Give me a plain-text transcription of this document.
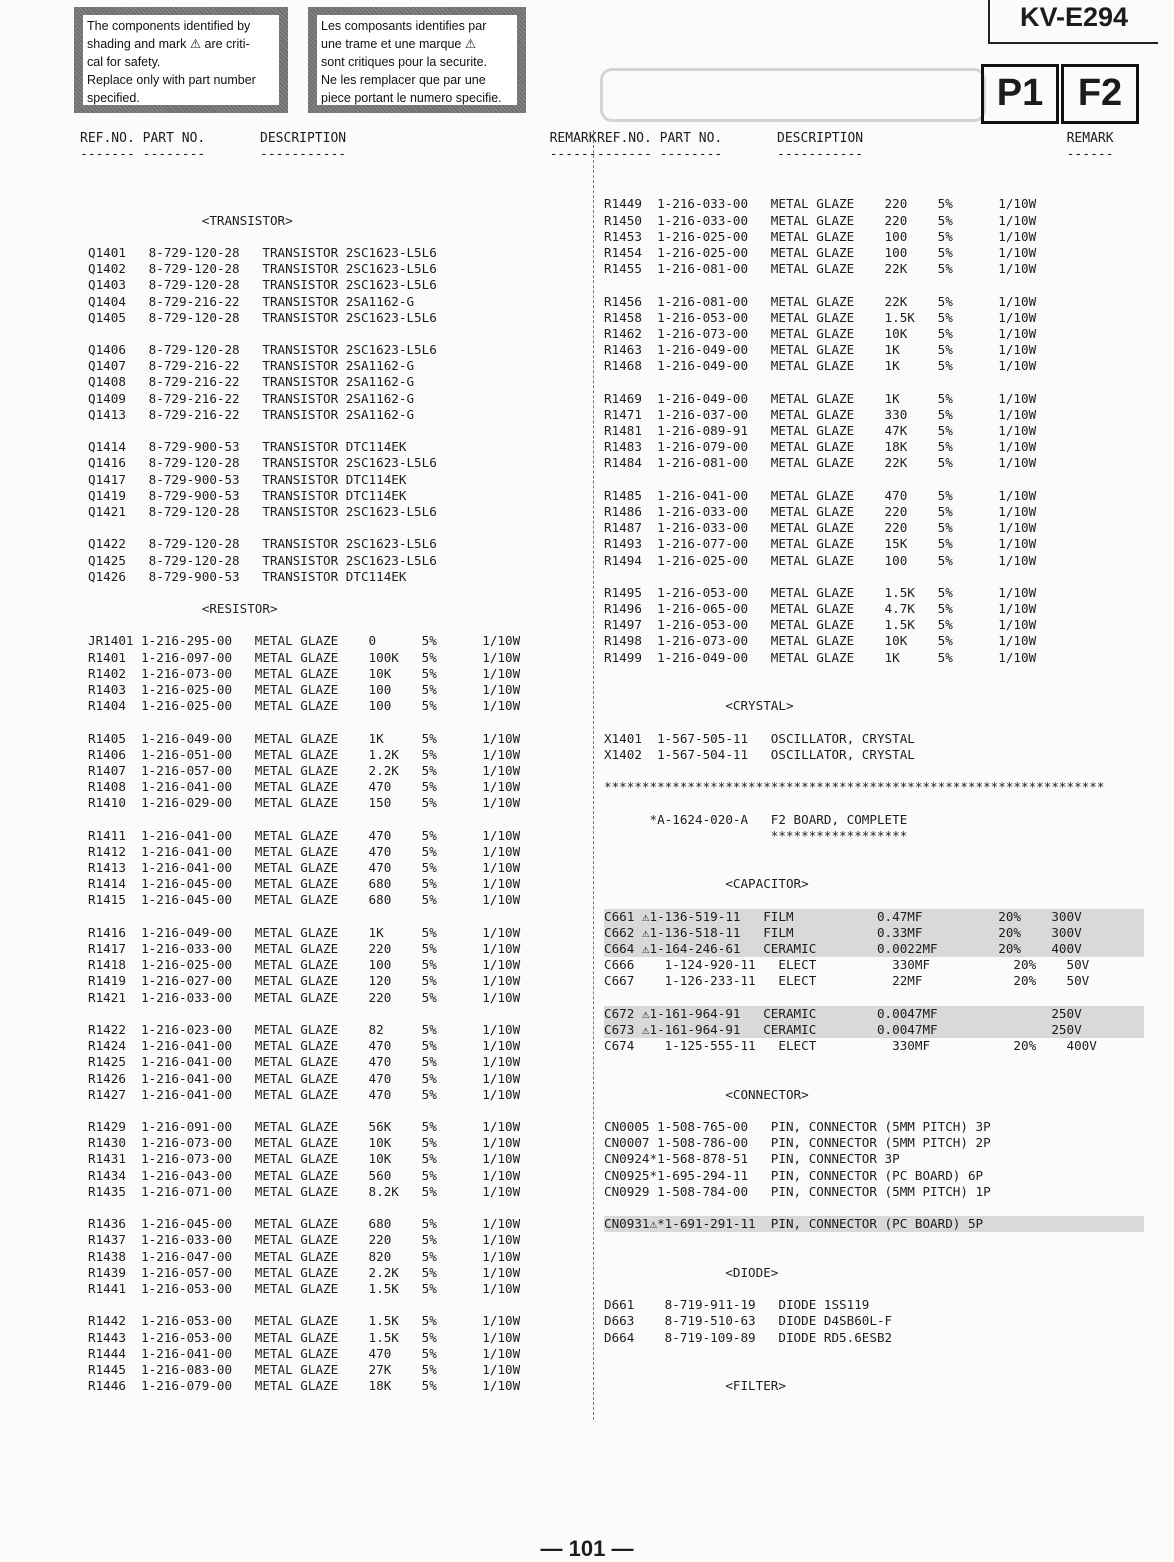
The components identified by
shading and mark ⚠ are criti-
cal for safety.
Replace only with part number
specified.
Les composants identifies par
une trame et une marque ⚠
sont critiques pour la securite.
Ne les remplacer que par une
piece portant le numero specifie.
KV-E294
P1 F2
REF.NO. PART NO.       DESCRIPTION                          REMARK
------- --------       -----------                          ------
REF.NO. PART NO.       DESCRIPTION                          REMARK
------- --------       -----------                          ------
<TRANSISTOR>
Q1401   8-729-120-28   TRANSISTOR 2SC1623-L5L6
Q1402   8-729-120-28   TRANSISTOR 2SC1623-L5L6
Q1403   8-729-120-28   TRANSISTOR 2SC1623-L5L6
Q1404   8-729-216-22   TRANSISTOR 2SA1162-G
Q1405   8-729-120-28   TRANSISTOR 2SC1623-L5L6
Q1406   8-729-120-28   TRANSISTOR 2SC1623-L5L6
Q1407   8-729-216-22   TRANSISTOR 2SA1162-G
Q1408   8-729-216-22   TRANSISTOR 2SA1162-G
Q1409   8-729-216-22   TRANSISTOR 2SA1162-G
Q1413   8-729-216-22   TRANSISTOR 2SA1162-G
Q1414   8-729-900-53   TRANSISTOR DTC114EK
Q1416   8-729-120-28   TRANSISTOR 2SC1623-L5L6
Q1417   8-729-900-53   TRANSISTOR DTC114EK
Q1419   8-729-900-53   TRANSISTOR DTC114EK
Q1421   8-729-120-28   TRANSISTOR 2SC1623-L5L6
Q1422   8-729-120-28   TRANSISTOR 2SC1623-L5L6
Q1425   8-729-120-28   TRANSISTOR 2SC1623-L5L6
Q1426   8-729-900-53   TRANSISTOR DTC114EK
<RESISTOR>
JR1401 1-216-295-00   METAL GLAZE    0      5%      1/10W
R1401  1-216-097-00   METAL GLAZE    100K   5%      1/10W
R1402  1-216-073-00   METAL GLAZE    10K    5%      1/10W
R1403  1-216-025-00   METAL GLAZE    100    5%      1/10W
R1404  1-216-025-00   METAL GLAZE    100    5%      1/10W
R1405  1-216-049-00   METAL GLAZE    1K     5%      1/10W
R1406  1-216-051-00   METAL GLAZE    1.2K   5%      1/10W
R1407  1-216-057-00   METAL GLAZE    2.2K   5%      1/10W
R1408  1-216-041-00   METAL GLAZE    470    5%      1/10W
R1410  1-216-029-00   METAL GLAZE    150    5%      1/10W
R1411  1-216-041-00   METAL GLAZE    470    5%      1/10W
R1412  1-216-041-00   METAL GLAZE    470    5%      1/10W
R1413  1-216-041-00   METAL GLAZE    470    5%      1/10W
R1414  1-216-045-00   METAL GLAZE    680    5%      1/10W
R1415  1-216-045-00   METAL GLAZE    680    5%      1/10W
R1416  1-216-049-00   METAL GLAZE    1K     5%      1/10W
R1417  1-216-033-00   METAL GLAZE    220    5%      1/10W
R1418  1-216-025-00   METAL GLAZE    100    5%      1/10W
R1419  1-216-027-00   METAL GLAZE    120    5%      1/10W
R1421  1-216-033-00   METAL GLAZE    220    5%      1/10W
R1422  1-216-023-00   METAL GLAZE    82     5%      1/10W
R1424  1-216-041-00   METAL GLAZE    470    5%      1/10W
R1425  1-216-041-00   METAL GLAZE    470    5%      1/10W
R1426  1-216-041-00   METAL GLAZE    470    5%      1/10W
R1427  1-216-041-00   METAL GLAZE    470    5%      1/10W
R1429  1-216-091-00   METAL GLAZE    56K    5%      1/10W
R1430  1-216-073-00   METAL GLAZE    10K    5%      1/10W
R1431  1-216-073-00   METAL GLAZE    10K    5%      1/10W
R1434  1-216-043-00   METAL GLAZE    560    5%      1/10W
R1435  1-216-071-00   METAL GLAZE    8.2K   5%      1/10W
R1436  1-216-045-00   METAL GLAZE    680    5%      1/10W
R1437  1-216-033-00   METAL GLAZE    220    5%      1/10W
R1438  1-216-047-00   METAL GLAZE    820    5%      1/10W
R1439  1-216-057-00   METAL GLAZE    2.2K   5%      1/10W
R1441  1-216-053-00   METAL GLAZE    1.5K   5%      1/10W
R1442  1-216-053-00   METAL GLAZE    1.5K   5%      1/10W
R1443  1-216-053-00   METAL GLAZE    1.5K   5%      1/10W
R1444  1-216-041-00   METAL GLAZE    470    5%      1/10W
R1445  1-216-083-00   METAL GLAZE    27K    5%      1/10W
R1446  1-216-079-00   METAL GLAZE    18K    5%      1/10W
R1449  1-216-033-00   METAL GLAZE    220    5%      1/10W
R1450  1-216-033-00   METAL GLAZE    220    5%      1/10W
R1453  1-216-025-00   METAL GLAZE    100    5%      1/10W
R1454  1-216-025-00   METAL GLAZE    100    5%      1/10W
R1455  1-216-081-00   METAL GLAZE    22K    5%      1/10W
R1456  1-216-081-00   METAL GLAZE    22K    5%      1/10W
R1458  1-216-053-00   METAL GLAZE    1.5K   5%      1/10W
R1462  1-216-073-00   METAL GLAZE    10K    5%      1/10W
R1463  1-216-049-00   METAL GLAZE    1K     5%      1/10W
R1468  1-216-049-00   METAL GLAZE    1K     5%      1/10W
R1469  1-216-049-00   METAL GLAZE    1K     5%      1/10W
R1471  1-216-037-00   METAL GLAZE    330    5%      1/10W
R1481  1-216-089-91   METAL GLAZE    47K    5%      1/10W
R1483  1-216-079-00   METAL GLAZE    18K    5%      1/10W
R1484  1-216-081-00   METAL GLAZE    22K    5%      1/10W
R1485  1-216-041-00   METAL GLAZE    470    5%      1/10W
R1486  1-216-033-00   METAL GLAZE    220    5%      1/10W
R1487  1-216-033-00   METAL GLAZE    220    5%      1/10W
R1493  1-216-077-00   METAL GLAZE    15K    5%      1/10W
R1494  1-216-025-00   METAL GLAZE    100    5%      1/10W
R1495  1-216-053-00   METAL GLAZE    1.5K   5%      1/10W
R1496  1-216-065-00   METAL GLAZE    4.7K   5%      1/10W
R1497  1-216-053-00   METAL GLAZE    1.5K   5%      1/10W
R1498  1-216-073-00   METAL GLAZE    10K    5%      1/10W
R1499  1-216-049-00   METAL GLAZE    1K     5%      1/10W
<CRYSTAL>
X1401  1-567-505-11   OSCILLATOR, CRYSTAL
X1402  1-567-504-11   OSCILLATOR, CRYSTAL
******************************************************************
*A-1624-020-A   F2 BOARD, COMPLETE
******************
<CAPACITOR>
C661 ⚠1-136-519-11   FILM           0.47MF          20%    300V
C662 ⚠1-136-518-11   FILM           0.33MF          20%    300V
C664 ⚠1-164-246-61   CERAMIC        0.0022MF        20%    400V
C666    1-124-920-11   ELECT          330MF           20%    50V
C667    1-126-233-11   ELECT          22MF            20%    50V
C672 ⚠1-161-964-91   CERAMIC        0.0047MF               250V
C673 ⚠1-161-964-91   CERAMIC        0.0047MF               250V
C674    1-125-555-11   ELECT          330MF           20%    400V
<CONNECTOR>
CN0005 1-508-765-00   PIN, CONNECTOR (5MM PITCH) 3P
CN0007 1-508-786-00   PIN, CONNECTOR (5MM PITCH) 2P
CN0924*1-568-878-51   PIN, CONNECTOR 3P
CN0925*1-695-294-11   PIN, CONNECTOR (PC BOARD) 6P
CN0929 1-508-784-00   PIN, CONNECTOR (5MM PITCH) 1P
CN0931⚠*1-691-291-11  PIN, CONNECTOR (PC BOARD) 5P
<DIODE>
D661    8-719-911-19   DIODE 1SS119
D663    8-719-510-63   DIODE D4SB60L-F
D664    8-719-109-89   DIODE RD5.6ESB2
<FILTER>
— 101 —
